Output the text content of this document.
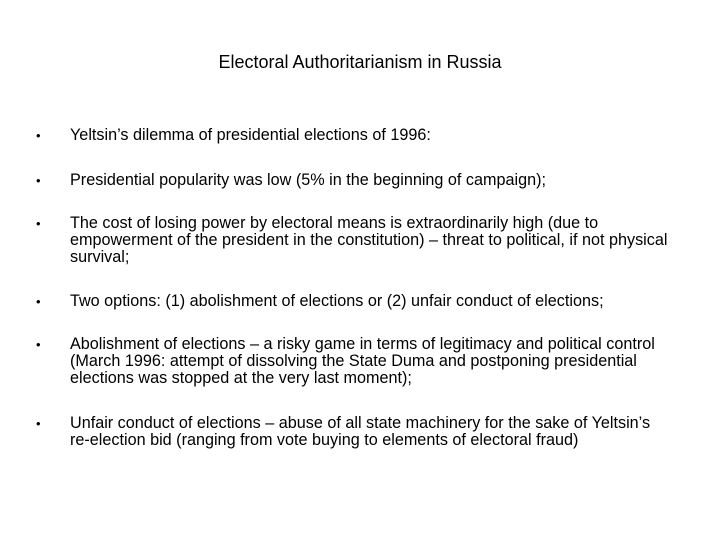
Electoral Authoritarianism in Russia
• Yeltsin’s dilemma of presidential elections of 1996:
• Presidential popularity was low (5% in the beginning of campaign);
• The cost of losing power by electoral means is extraordinarily high (due to empowerment of the president in the constitution) – threat to political, if not physical survival;
• Two options: (1) abolishment of elections or (2) unfair conduct of elections;
• Abolishment of elections – a risky game in terms of legitimacy and political control (March 1996: attempt of dissolving the State Duma and postponing presidential elections was stopped at the very last moment);
• Unfair conduct of elections – abuse of all state machinery for the sake of Yeltsin’s re-election bid (ranging from vote buying to elements of electoral fraud)
